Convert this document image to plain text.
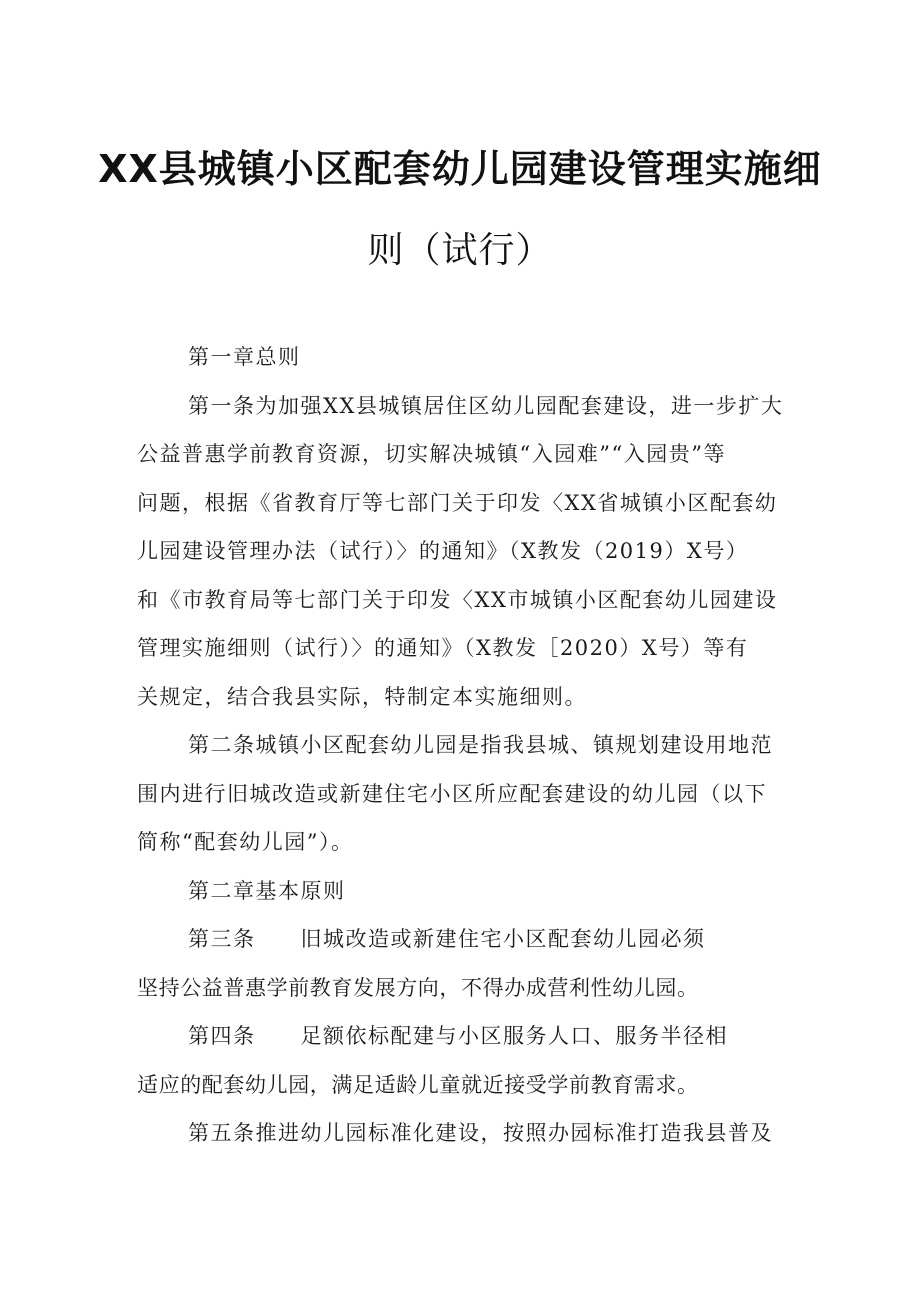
XX县城镇小区配套幼儿园建设管理实施细
则（试行）
第一章总则
第一条为加强XX县城镇居住区幼儿园配套建设，进一步扩大
公益普惠学前教育资源，切实解决城镇“入园难”“入园贵”等
问题，根据《省教育厅等七部门关于印发〈XX省城镇小区配套幼
儿园建设管理办法（试行）〉的通知》（X教发（2019）X号）
和《市教育局等七部门关于印发〈XX市城镇小区配套幼儿园建设
管理实施细则（试行）〉的通知》（X教发［2020）X号）等有
关规定，结合我县实际，特制定本实施细则。
第二条城镇小区配套幼儿园是指我县城、镇规划建设用地范
围内进行旧城改造或新建住宅小区所应配套建设的幼儿园（以下
简称“配套幼儿园”）。
第二章基本原则
第三条　　旧城改造或新建住宅小区配套幼儿园必须
坚持公益普惠学前教育发展方向，不得办成营利性幼儿园。
第四条　　足额依标配建与小区服务人口、服务半径相
适应的配套幼儿园，满足适龄儿童就近接受学前教育需求。
第五条推进幼儿园标准化建设，按照办园标准打造我县普及
